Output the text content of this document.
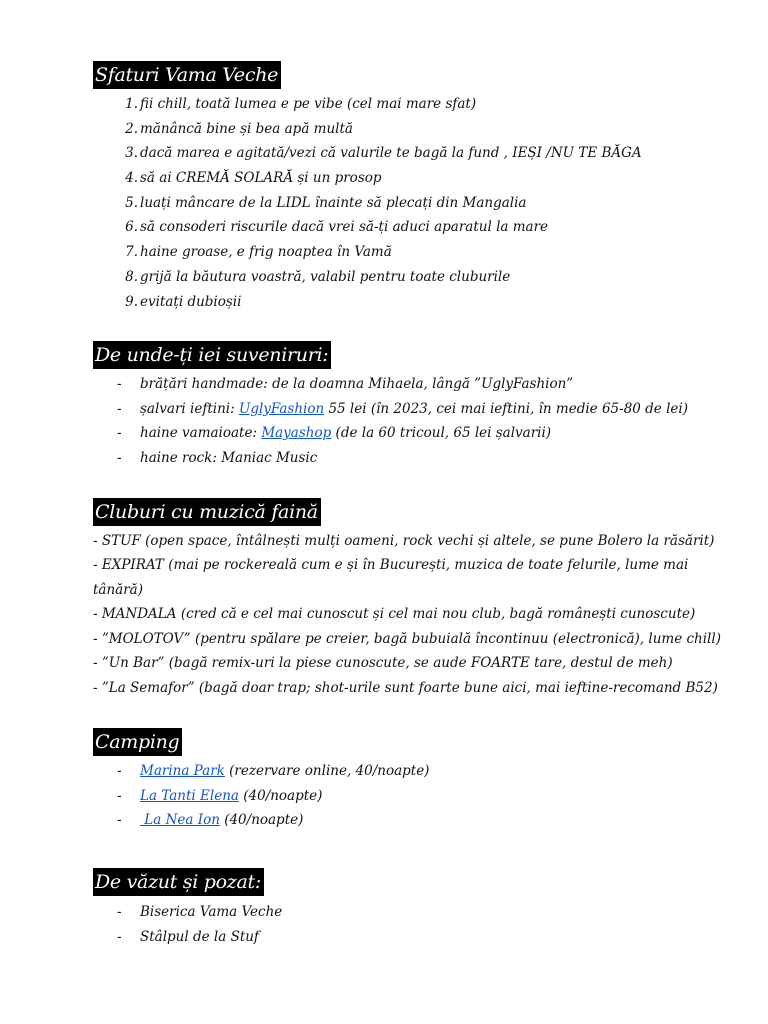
Sfaturi Vama Veche
1. fii chill, toată lumea e pe vibe (cel mai mare sfat)
2. mănâncă bine și bea apă multă
3. dacă marea e agitată/vezi că valurile te bagă la fund , IEȘI /NU TE BĂGA
4. să ai CREMĂ SOLARĂ și un prosop
5. luați mâncare de la LIDL înainte să plecați din Mangalia
6. să consoderi riscurile dacă vrei să-ți aduci aparatul la mare
7. haine groase, e frig noaptea în Vamă
8. grijă la băutura voastră, valabil pentru toate cluburile
9. evitați dubioșii
De unde-ți iei suveniruri:
- brățări handmade: de la doamna Mihaela, lângă ”UglyFashion”
- șalvari ieftini: UglyFashion 55 lei (în 2023, cei mai ieftini, în medie 65-80 de lei)
- haine vamaioate: Mayashop (de la 60 tricoul, 65 lei șalvarii)
- haine rock: Maniac Music
Cluburi cu muzică faină
- STUF (open space, întâlnești mulți oameni, rock vechi și altele, se pune Bolero la răsărit)
- EXPIRAT (mai pe rockereală cum e și în București, muzica de toate felurile, lume mai
tânără)
- MANDALA (cred că e cel mai cunoscut și cel mai nou club, bagă românești cunoscute)
- ”MOLOTOV” (pentru spălare pe creier, bagă bubuială încontinuu (electronică), lume chill)
- ”Un Bar” (bagă remix-uri la piese cunoscute, se aude FOARTE tare, destul de meh)
- ”La Semafor” (bagă doar trap; shot-urile sunt foarte bune aici, mai ieftine-recomand B52)
Camping
- Marina Park (rezervare online, 40/noapte)
- La Tanti Elena (40/noapte)
- La Nea Ion (40/noapte)
De văzut și pozat:
- Biserica Vama Veche
- Stâlpul de la Stuf
